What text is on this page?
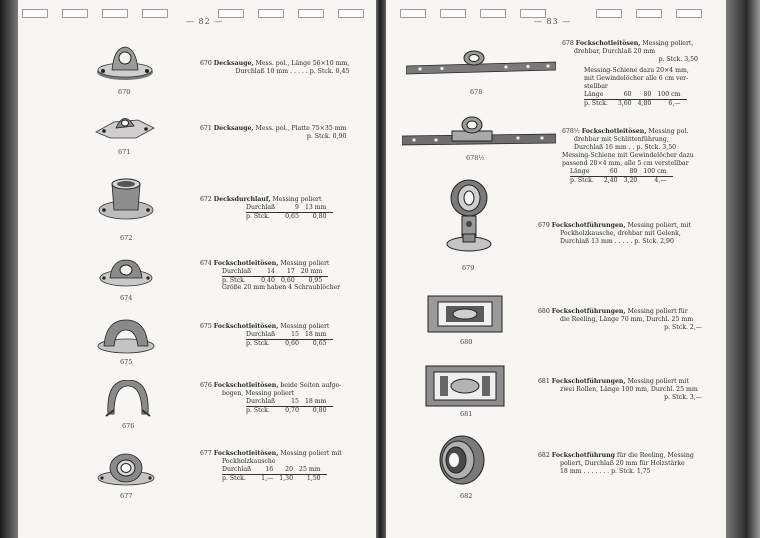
— 82 —
670
670 Decksauge, Mess. pol., Länge 56×10 mm,
Durchlaß 10 mm . . . . . p. Stck. 0,45
671
671 Decksauge, Mess. pol., Platte 75×35 mm
p. Stck. 0,90
672
672 Decksdurchlauf, Messing poliert
Durchlaß	9	13 mm
p. Stck.	0,65	0,80
674
674 Fockschotleitösen, Messing poliert
Durchlaß	14	17	20 mm
p. Stck.	0,40	0,60	0,95
Größe 20 mm haben 4 Schraublöcher
675
675 Fockschotleitösen, Messing poliert
Durchlaß	15	18 mm
p. Stck.	0,60	0,65
676
676 Fockschotleitösen, beide Seiten aufge-
bogen, Messing poliert
Durchlaß	15	18 mm
p. Stck.	0,70	0,80
677
677 Fockschotleitösen, Messing poliert mit
Pockholzkausche
Durchlaß	16	20	25 mm
p. Stck.	1,—	1,30	1,50
— 83 —
678
678½
678 Fockschotleitösen, Messing poliert,
drehbar, Durchlaß 20 mm
p. Stck. 3,50
Messing-Schiene dazu 20×4 mm,
mit Gewindelöcher alle 6 cm ver-
stellbar
Länge	60	80	100 cm
p. Stck.	3,60	4,80	6,—
678½ Fockschotleitösen, Messing pol.
drehbar mit Schlittenführung,
Durchlaß 16 mm . . p. Stck. 3,50
Messing-Schiene mit Gewindelöcher dazu
passend 20×4 mm, alle 5 cm verstellbar
Länge	60	80	100 cm
p. Stck.	2,40	3,20	4,—
679
679 Fockschotführungen, Messing poliert, mit
Pockholzkausche, drehbar mit Gelenk,
Durchlaß 13 mm . . . . . p. Stck. 2,90
680
680 Fockschotführungen, Messing poliert für
die Reeling, Länge 70 mm, Durchl. 25 mm
p. Stck. 2,—
681
681 Fockschotführungen, Messing poliert mit
zwei Rollen, Länge 100 mm, Durchl. 25 mm
p. Stck. 3,—
682
682 Fockschotführung für die Reeling, Messing
poliert, Durchlaß 20 mm für Holzstärke
18 mm . . . . . . . p. Stck. 1,75
